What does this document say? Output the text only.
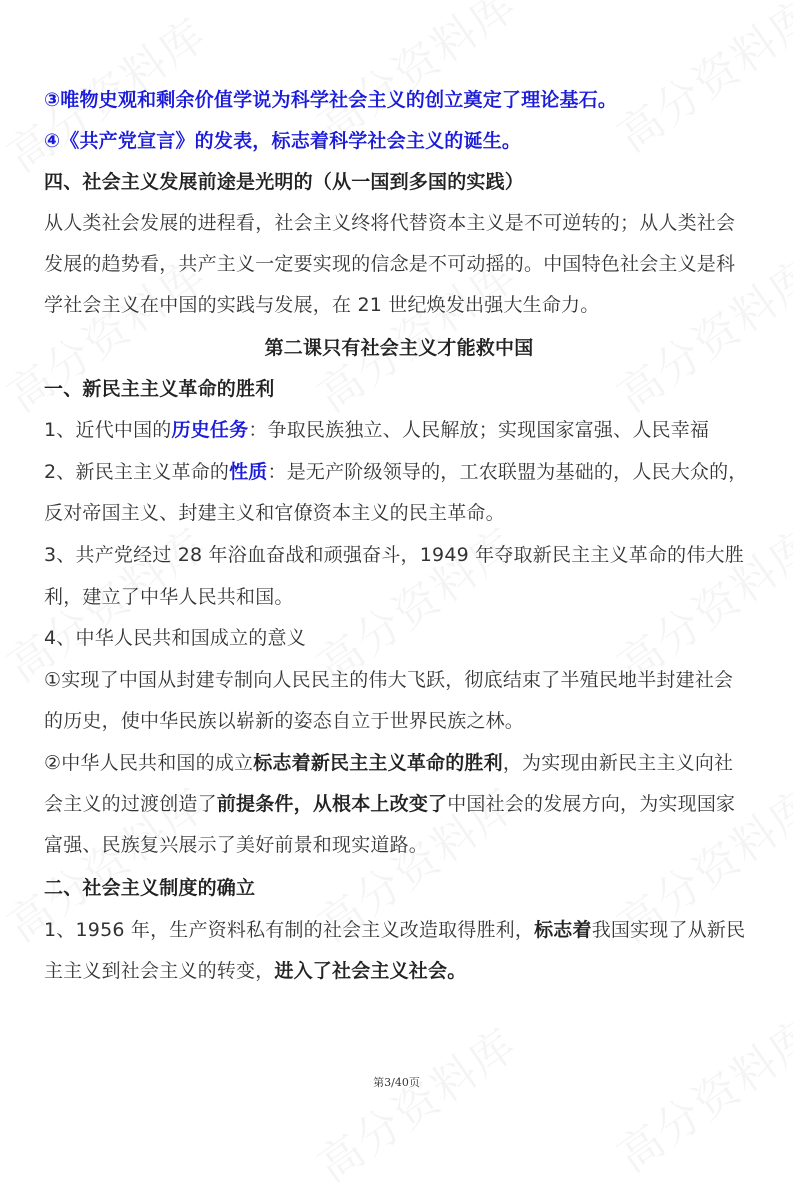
③唯物史观和剩余价值学说为科学社会主义的创立奠定了理论基石。
④《共产党宣言》的发表，标志着科学社会主义的诞生。
四、社会主义发展前途是光明的（从一国到多国的实践）
从人类社会发展的进程看，社会主义终将代替资本主义是不可逆转的；从人类社会
发展的趋势看，共产主义一定要实现的信念是不可动摇的。中国特色社会主义是科
学社会主义在中国的实践与发展，在 21 世纪焕发出强大生命力。
第二课只有社会主义才能救中国
一、新民主主义革命的胜利
1、近代中国的历史任务：争取民族独立、人民解放；实现国家富强、人民幸福
2、新民主主义革命的性质：是无产阶级领导的，工农联盟为基础的，人民大众的，
反对帝国主义、封建主义和官僚资本主义的民主革命。
3、共产党经过 28 年浴血奋战和顽强奋斗，1949 年夺取新民主主义革命的伟大胜
利，建立了中华人民共和国。
4、中华人民共和国成立的意义
①实现了中国从封建专制向人民民主的伟大飞跃，彻底结束了半殖民地半封建社会
的历史，使中华民族以崭新的姿态自立于世界民族之林。
②中华人民共和国的成立标志着新民主主义革命的胜利，为实现由新民主主义向社
会主义的过渡创造了前提条件，从根本上改变了中国社会的发展方向，为实现国家
富强、民族复兴展示了美好前景和现实道路。
二、社会主义制度的确立
1、1956 年，生产资料私有制的社会主义改造取得胜利，标志着我国实现了从新民
主主义到社会主义的转变，进入了社会主义社会。
第3/40页
